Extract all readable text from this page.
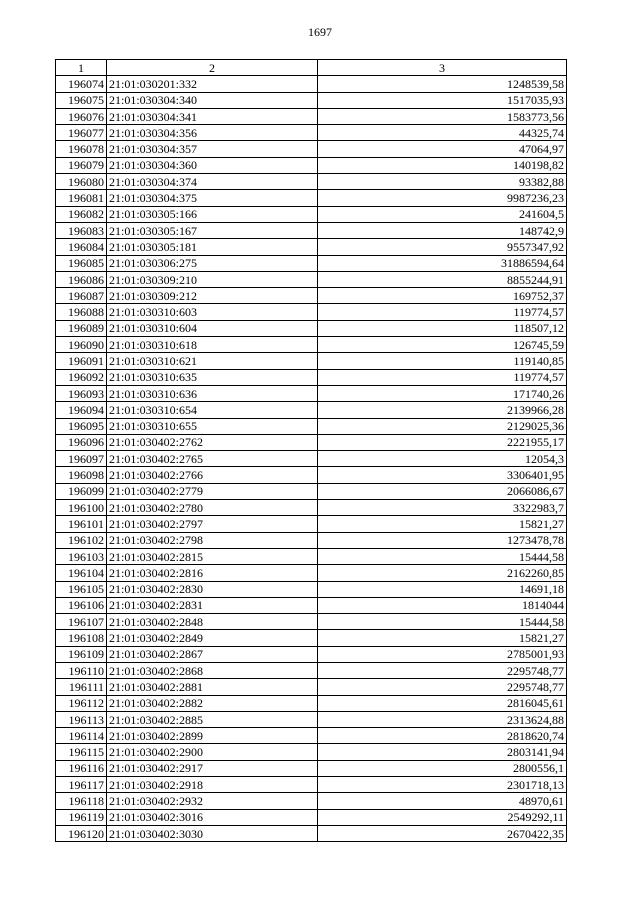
1697
1	2	3
196074	21:01:030201:332	1248539,58
196075	21:01:030304:340	1517035,93
196076	21:01:030304:341	1583773,56
196077	21:01:030304:356	44325,74
196078	21:01:030304:357	47064,97
196079	21:01:030304:360	140198,82
196080	21:01:030304:374	93382,88
196081	21:01:030304:375	9987236,23
196082	21:01:030305:166	241604,5
196083	21:01:030305:167	148742,9
196084	21:01:030305:181	9557347,92
196085	21:01:030306:275	31886594,64
196086	21:01:030309:210	8855244,91
196087	21:01:030309:212	169752,37
196088	21:01:030310:603	119774,57
196089	21:01:030310:604	118507,12
196090	21:01:030310:618	126745,59
196091	21:01:030310:621	119140,85
196092	21:01:030310:635	119774,57
196093	21:01:030310:636	171740,26
196094	21:01:030310:654	2139966,28
196095	21:01:030310:655	2129025,36
196096	21:01:030402:2762	2221955,17
196097	21:01:030402:2765	12054,3
196098	21:01:030402:2766	3306401,95
196099	21:01:030402:2779	2066086,67
196100	21:01:030402:2780	3322983,7
196101	21:01:030402:2797	15821,27
196102	21:01:030402:2798	1273478,78
196103	21:01:030402:2815	15444,58
196104	21:01:030402:2816	2162260,85
196105	21:01:030402:2830	14691,18
196106	21:01:030402:2831	1814044
196107	21:01:030402:2848	15444,58
196108	21:01:030402:2849	15821,27
196109	21:01:030402:2867	2785001,93
196110	21:01:030402:2868	2295748,77
196111	21:01:030402:2881	2295748,77
196112	21:01:030402:2882	2816045,61
196113	21:01:030402:2885	2313624,88
196114	21:01:030402:2899	2818620,74
196115	21:01:030402:2900	2803141,94
196116	21:01:030402:2917	2800556,1
196117	21:01:030402:2918	2301718,13
196118	21:01:030402:2932	48970,61
196119	21:01:030402:3016	2549292,11
196120	21:01:030402:3030	2670422,35
